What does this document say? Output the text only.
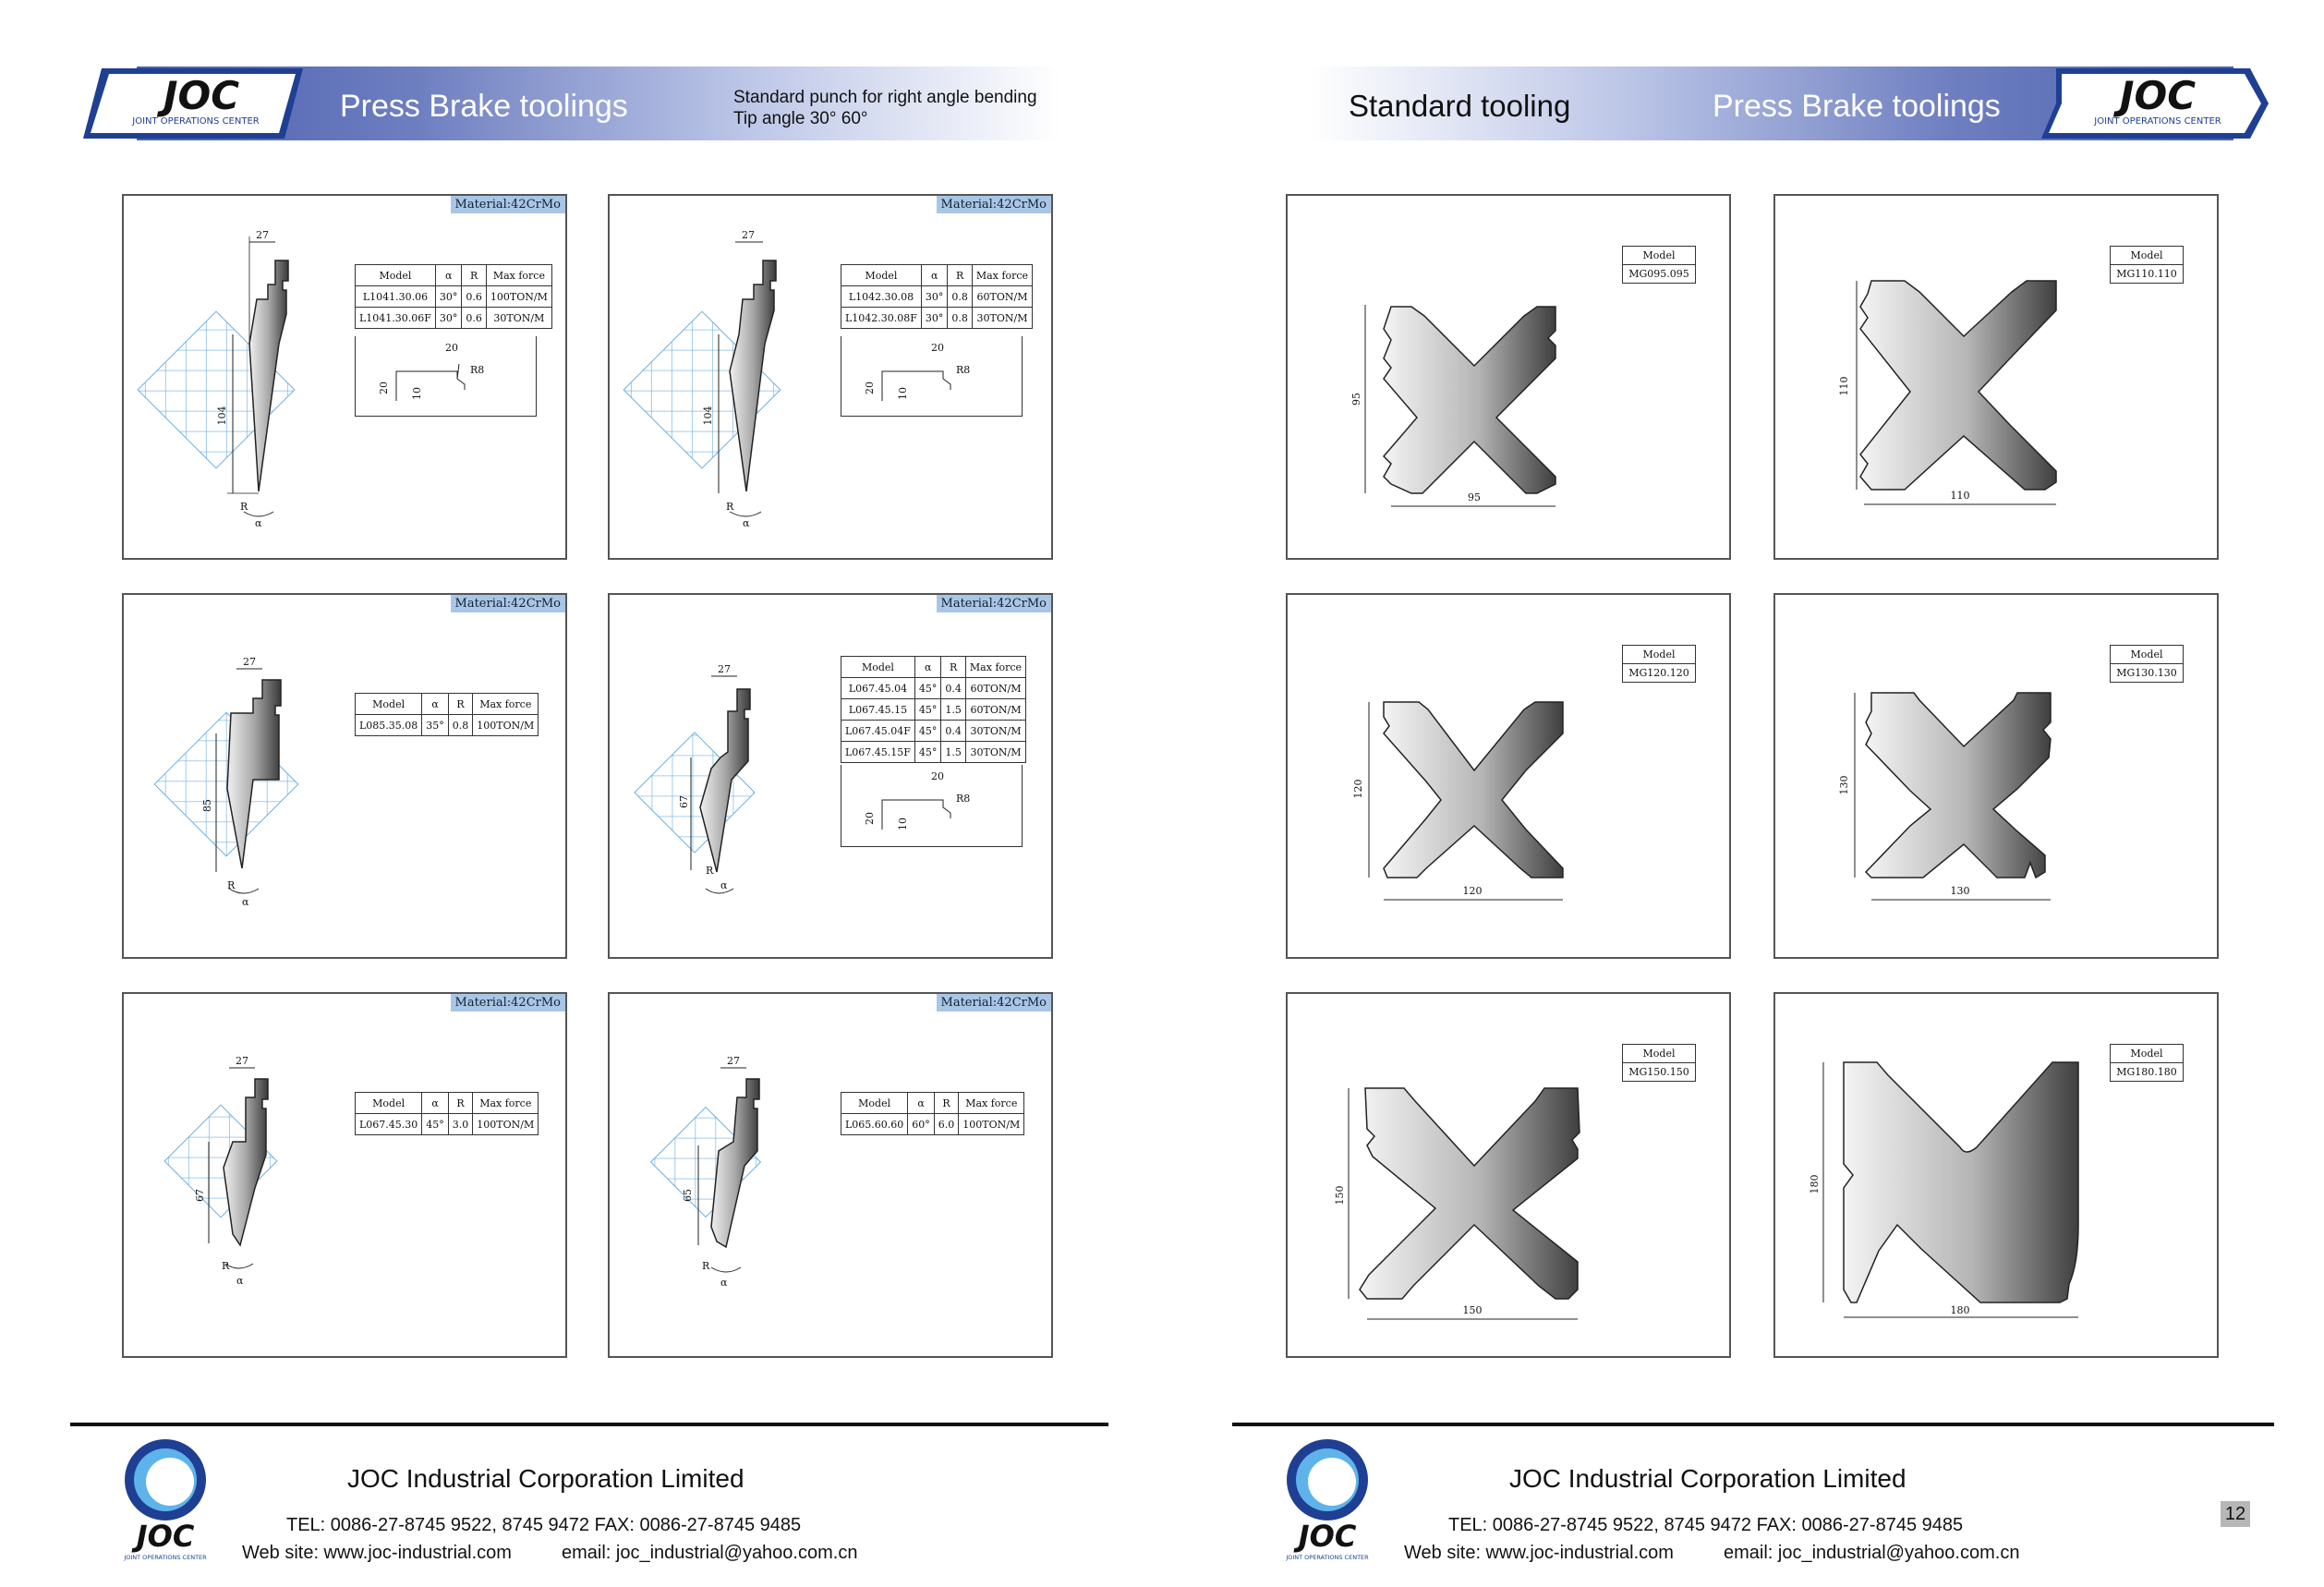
JOC
JOINT OPERATIONS CENTER	Press Brake toolings	Standard punch for right angle bending
Tip angle 30° 60°
Material:42CrMo
27
104
R
α
Model	α	R	Max force
L1041.30.06	30°	0.6	100TON/M
L1041.30.06F	30°	0.6	30TON/M
20
20 10
R8
Material:42CrMo
27
104
R
α
Model	α	R	Max force
L1042.30.08	30°	0.8	60TON/M
L1042.30.08F	30°	0.8	30TON/M
20
20 10
R8
Material:42CrMo
27
85
R
α
Model	α	R	Max force
L085.35.08	35°	0.8	100TON/M
Material:42CrMo
27
67
R
α
Model	α	R	Max force
L067.45.04	45°	0.4	60TON/M
L067.45.15	45°	1.5	60TON/M
L067.45.04F	45°	0.4	30TON/M
L067.45.15F	45°	1.5	30TON/M
20
20 10
R8
Material:42CrMo
27
67
R
α
Model	α	R	Max force
L067.45.30	45°	3.0	100TON/M
Material:42CrMo
27
65
R
α
Model	α	R	Max force
L065.60.60	60°	6.0	100TON/M
JOC
JOINT OPERATIONS CENTER
JOC Industrial Corporation Limited
TEL: 0086-27-8745 9522, 8745 9472 FAX: 0086-27-8745 9485
Web site: www.joc-industrial.com	email: joc_industrial@yahoo.com.cn
Standard tooling	Press Brake toolings	JOC
JOINT OPERATIONS CENTER
Model
MG095.095
95
95
Model
MG110.110
110
110
Model
MG120.120
120
120
Model
MG130.130
130
130
Model
MG150.150
150
150
Model
MG180.180
180
180
JOC
JOINT OPERATIONS CENTER
JOC Industrial Corporation Limited
TEL: 0086-27-8745 9522, 8745 9472 FAX: 0086-27-8745 9485
Web site: www.joc-industrial.com	email: joc_industrial@yahoo.com.cn
12
